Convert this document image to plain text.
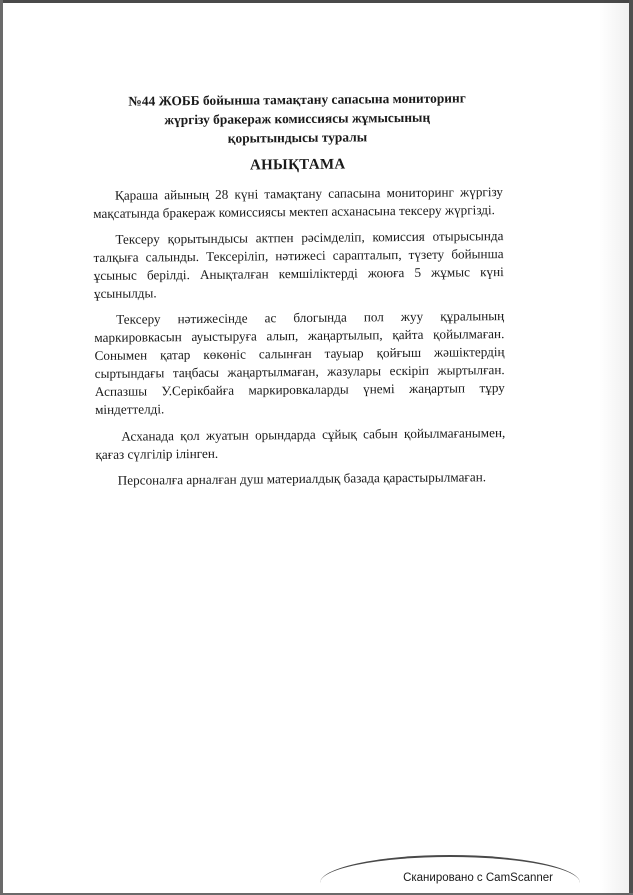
№44 ЖОББ бойынша тамақтану сапасына мониторинг

жүргізу бракераж комиссиясы жұмысының

қорытындысы туралы

АНЫҚТАМА

Қараша айының 28 күні тамақтану сапасына мониторинг жүргізу мақсатында бракераж комиссиясы мектеп асханасына тексеру жүргізді.

Тексеру қорытындысы актпен рәсімделіп, комиссия отырысында талқыға салынды. Тексеріліп, нәтижесі сарапталып, түзету бойынша ұсыныс берілді. Анықталған кемшіліктерді жоюға 5 жұмыс күні ұсынылды.

Тексеру нәтижесінде ас блогында пол жуу құралының маркировкасын ауыстыруға алып, жаңартылып, қайта қойылмаған. Сонымен қатар көкөніс салынған тауыар қойғыш жәшіктердің сыртындағы таңбасы жаңартылмаған, жазулары ескіріп жыртылған. Аспазшы У.Серікбайға маркировкаларды үнемі жаңартып тұру міндеттелді.

Асханада қол жуатын орындарда сұйық сабын қойылмағанымен, қағаз сүлгілір ілінген.

Персоналға арналған душ материалдық базада қарастырылмаған.

Сканировано с CamScanner
